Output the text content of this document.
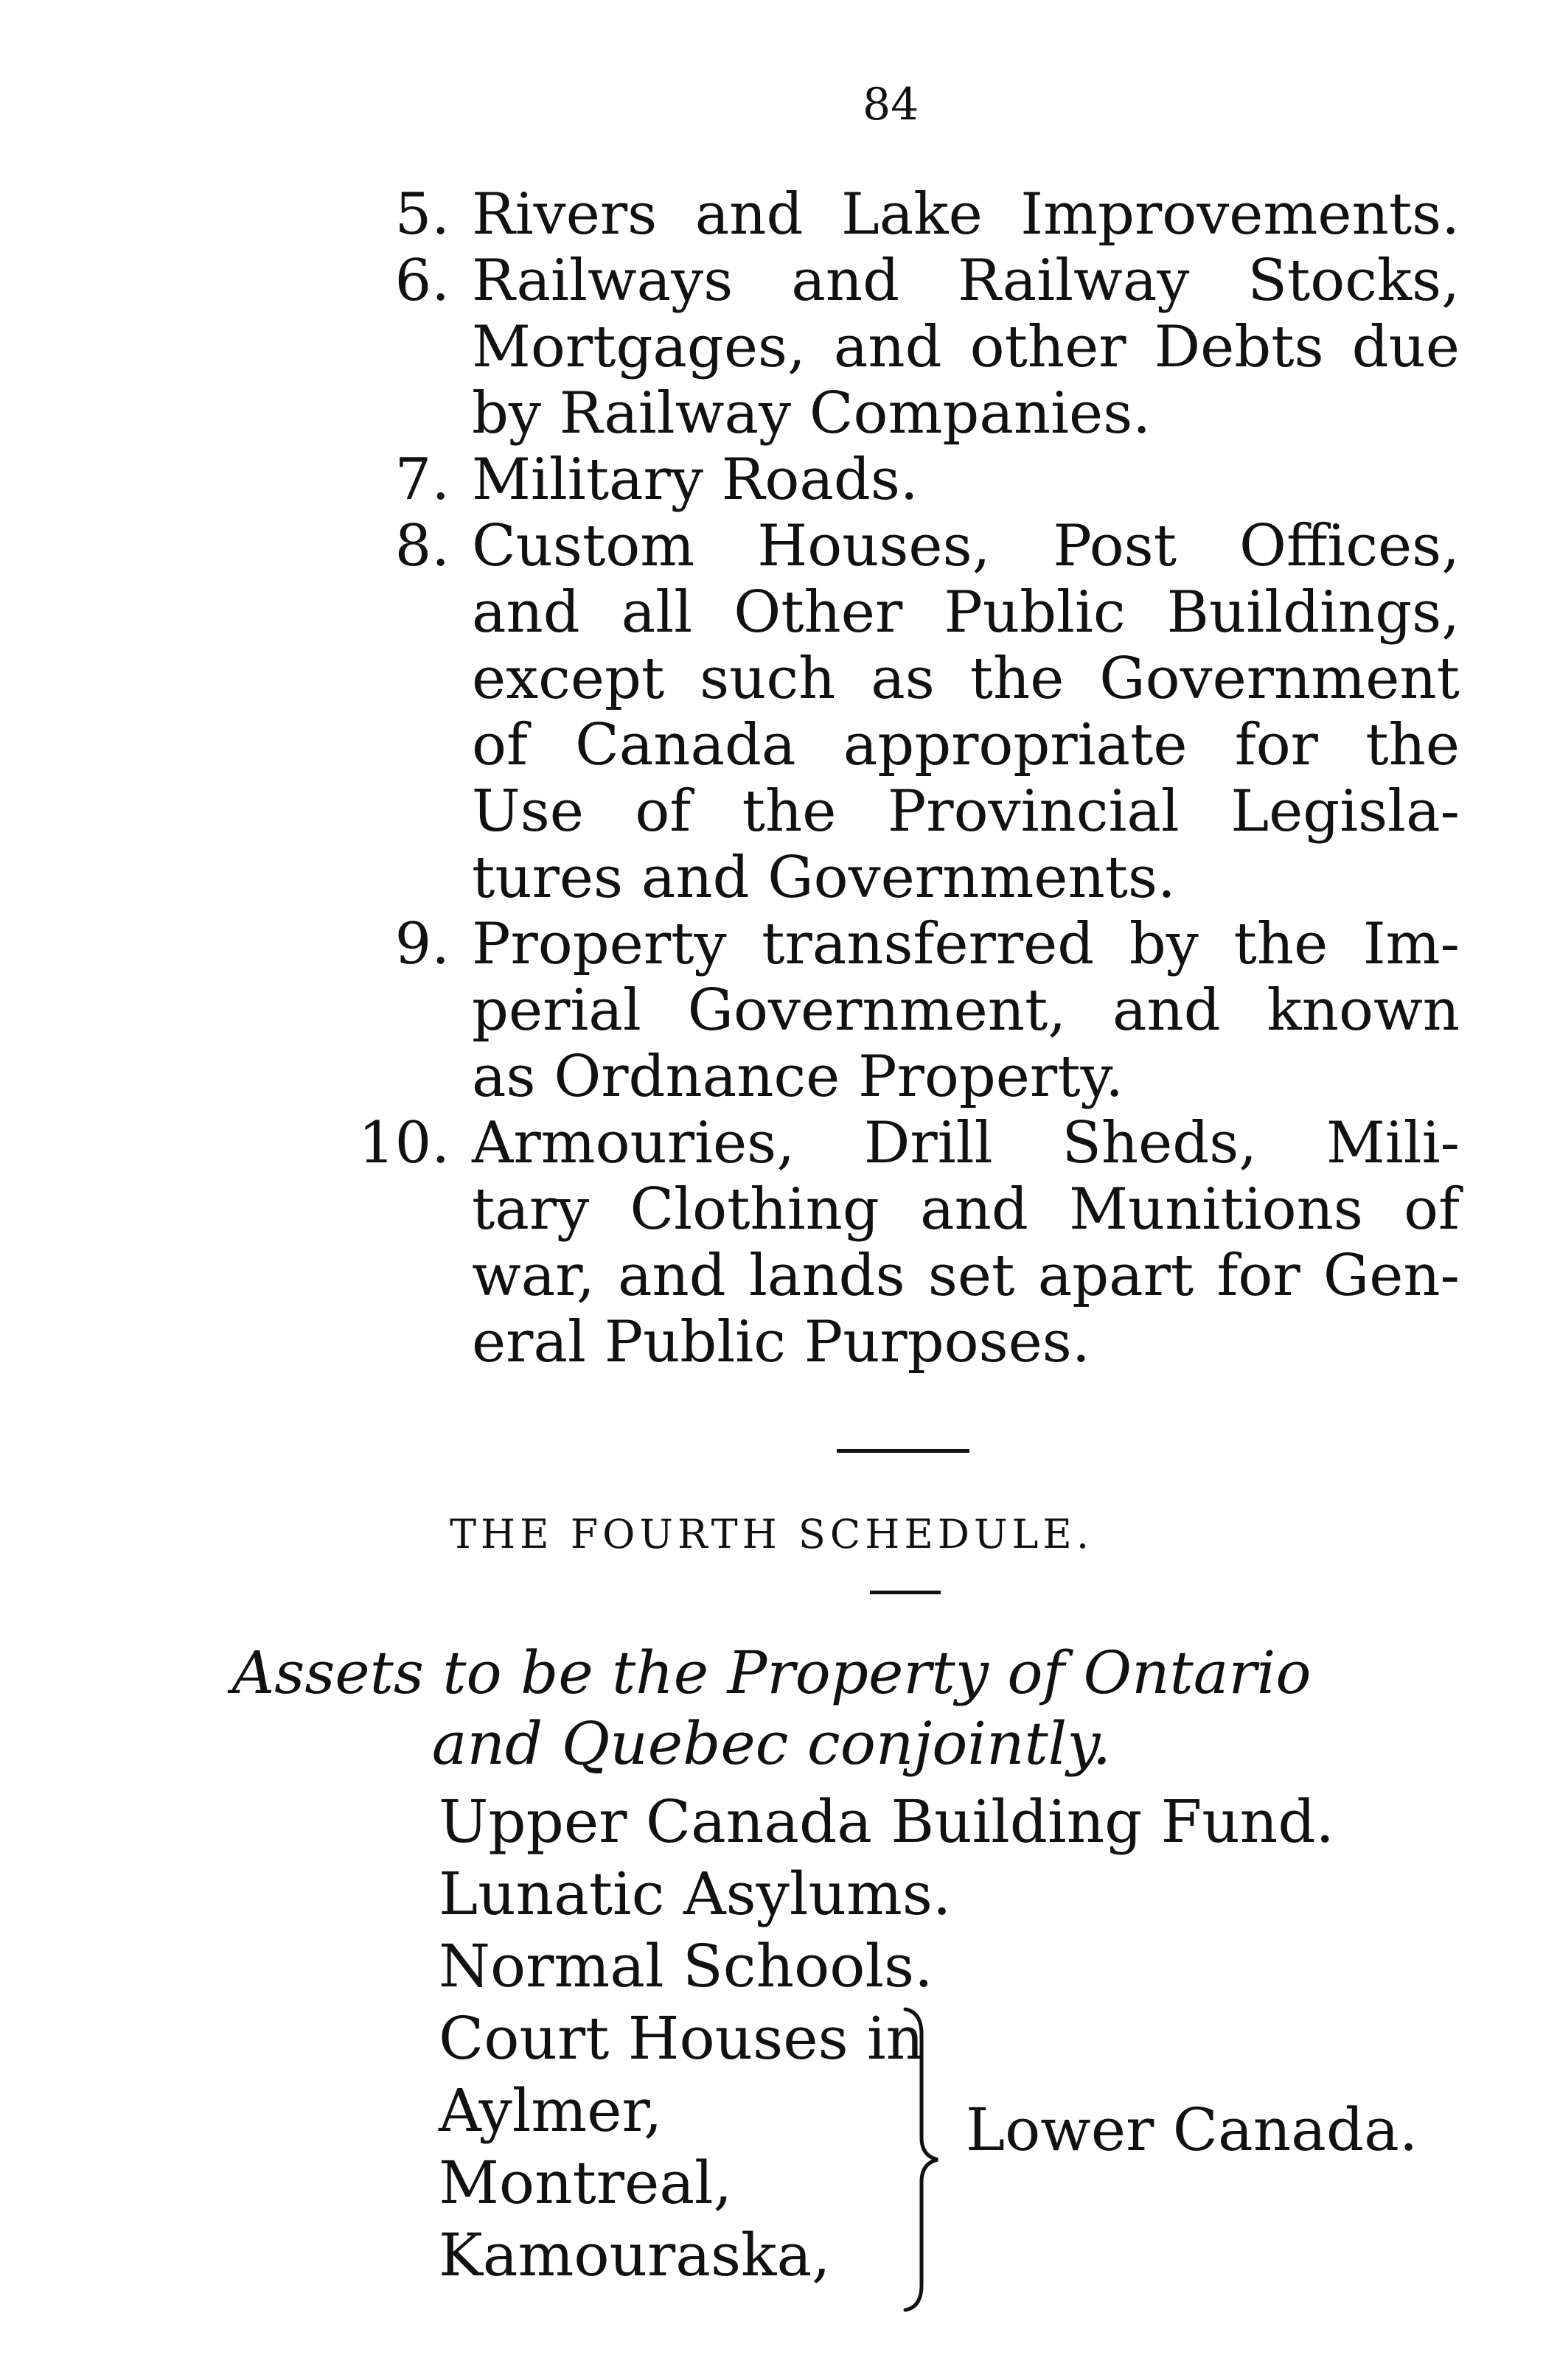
84
5. Rivers and Lake Improvements.
6. Railways and Railway Stocks,
Mortgages, and other Debts due
by Railway Companies.
7. Military Roads.
8. Custom Houses, Post Offices,
and all Other Public Buildings,
except such as the Government
of Canada appropriate for the
Use of the Provincial Legisla-
tures and Governments.
9. Property transferred by the Im-
perial Government, and known
as Ordnance Property.
10. Armouries, Drill Sheds, Mili-
tary Clothing and Munitions of
war, and lands set apart for Gen-
eral Public Purposes.
THE FOURTH SCHEDULE.
Assets to be the Property of Ontario
and Quebec conjointly.
Upper Canada Building Fund.
Lunatic Asylums.
Normal Schools.
Court Houses in
Aylmer,
Montreal,
Kamouraska,
Lower Canada.
